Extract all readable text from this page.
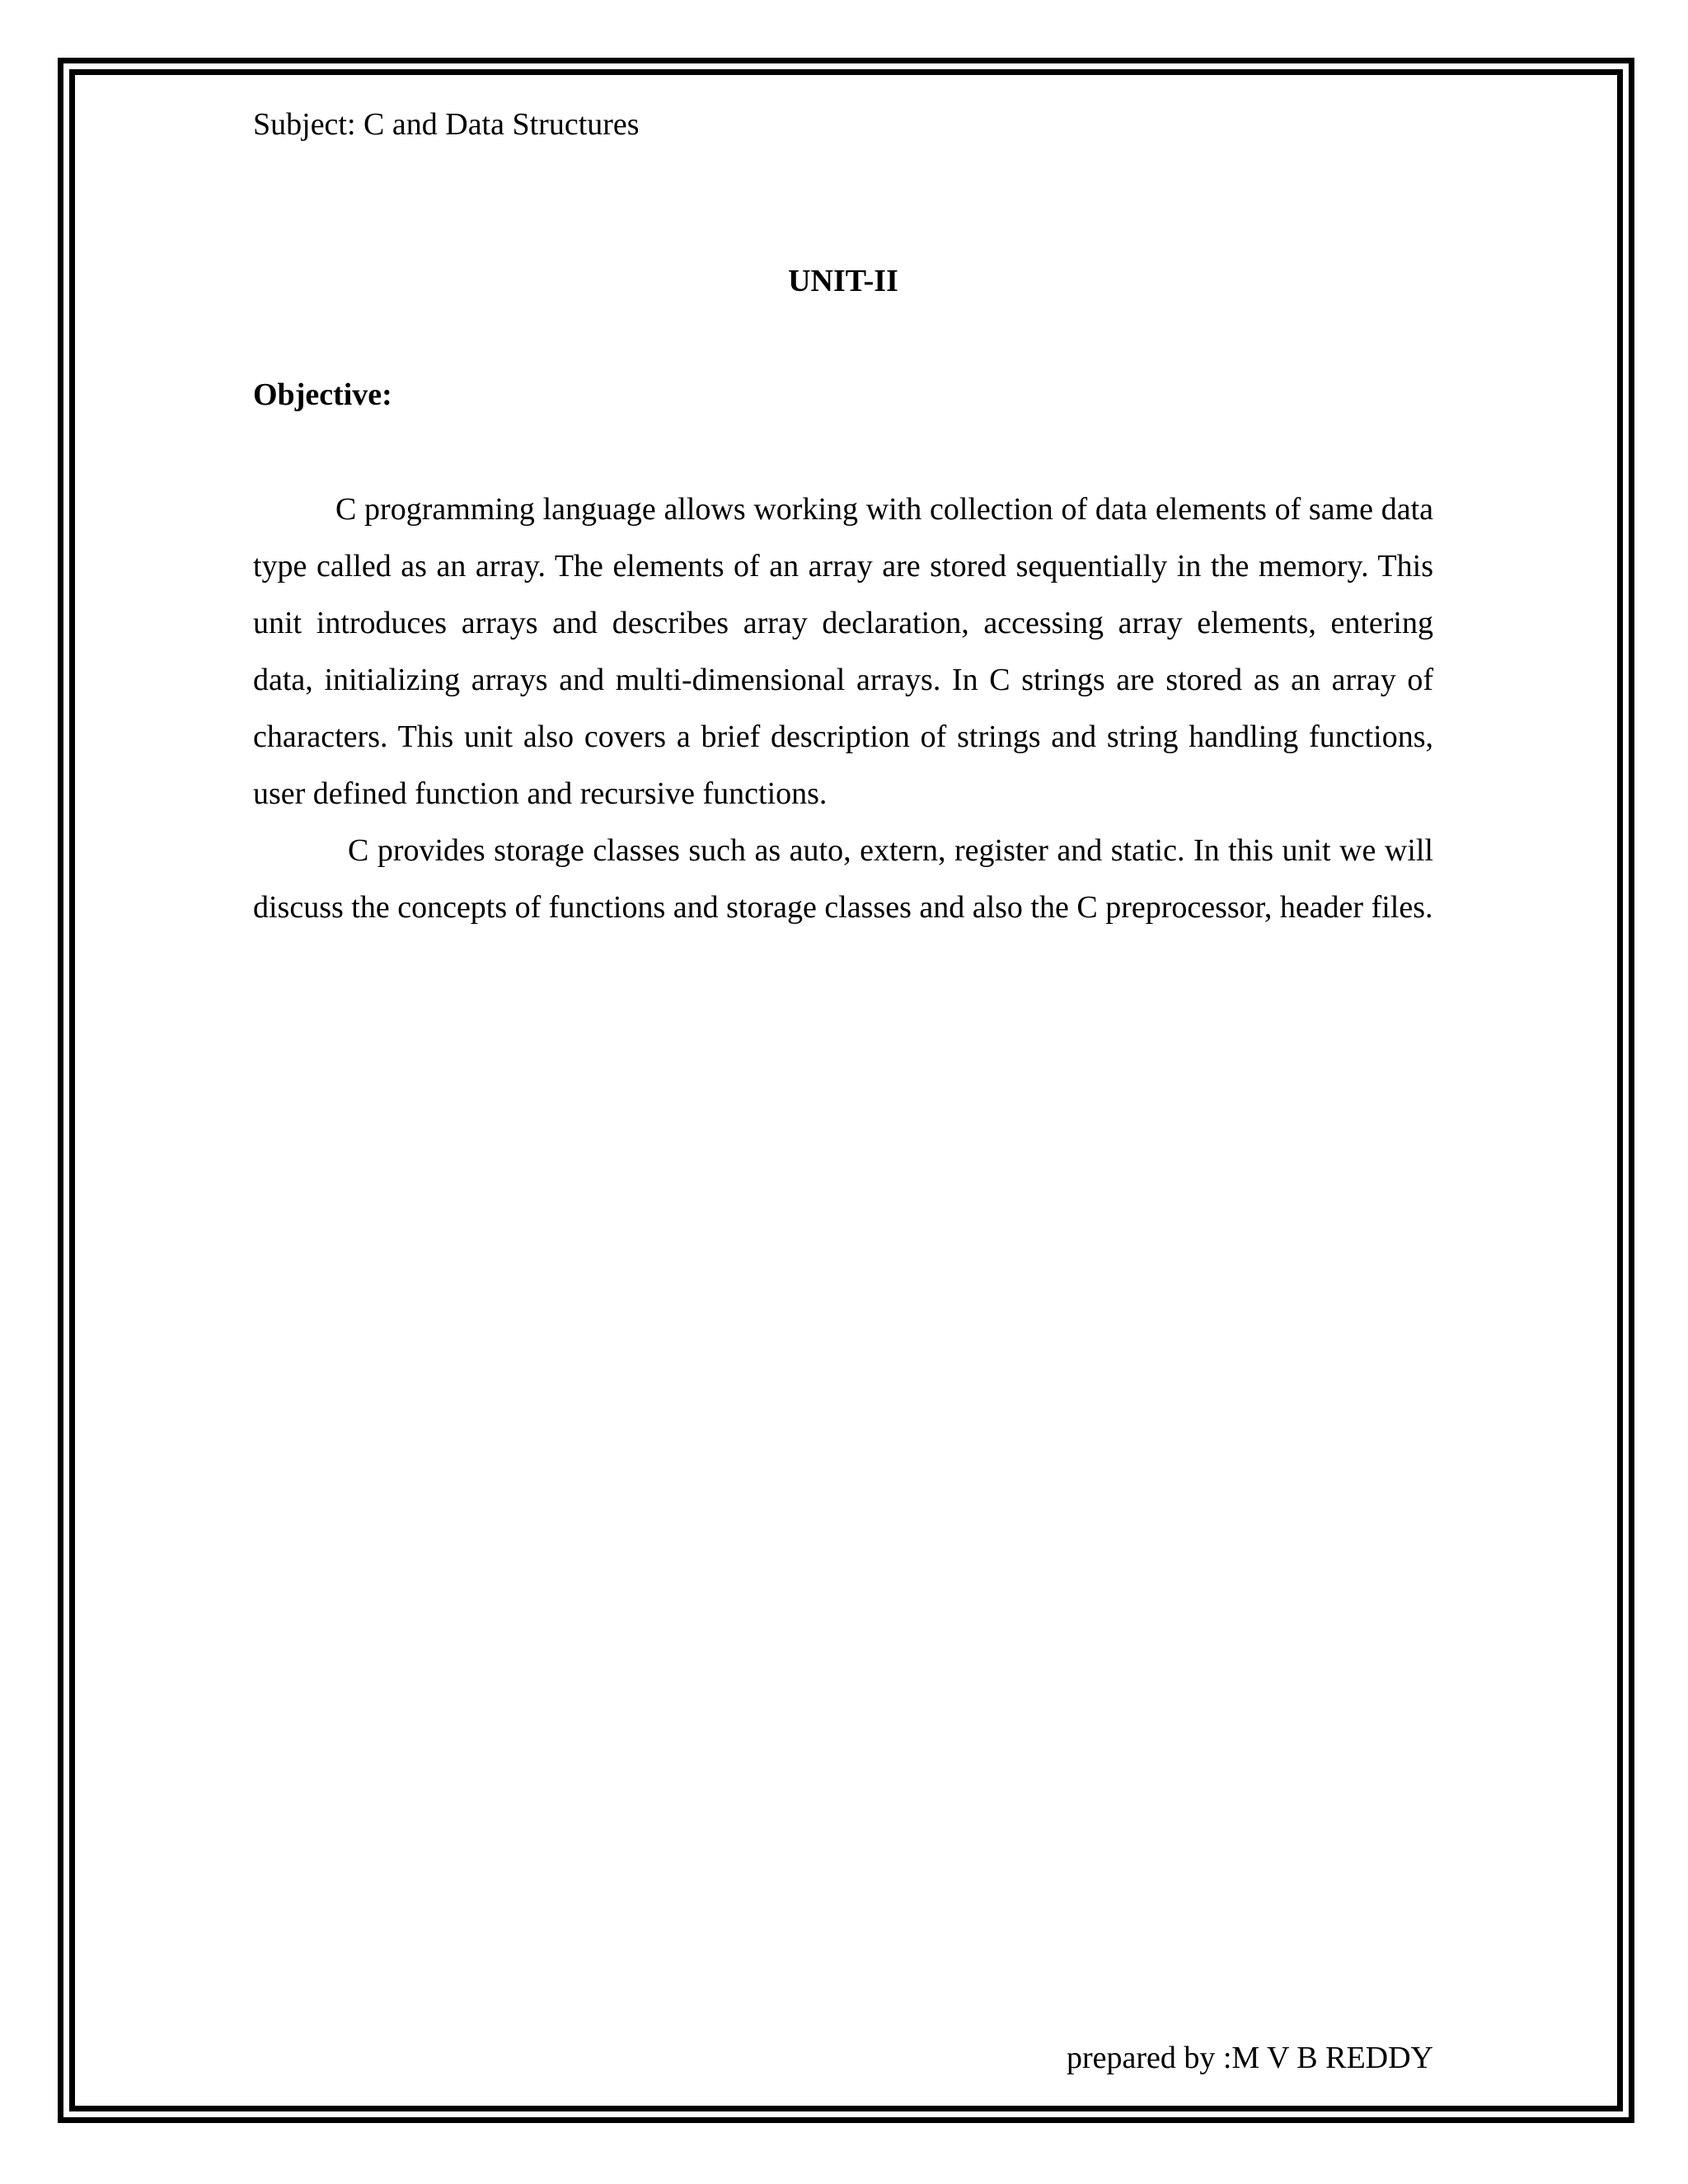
Subject: C and Data Structures
UNIT-II
Objective:

C programming language allows working with collection of data elements of same data type called as an array. The elements of an array are stored sequentially in the memory. This unit introduces arrays and describes array declaration, accessing array elements, entering data, initializing arrays and multi-dimensional arrays. In C strings are stored as an array of characters. This unit also covers a brief description of strings and string handling functions, user defined function and recursive functions.

C provides storage classes such as auto, extern, register and static. In this unit we will discuss the concepts of functions and storage classes and also the C preprocessor, header files.

prepared by :M V B REDDY
